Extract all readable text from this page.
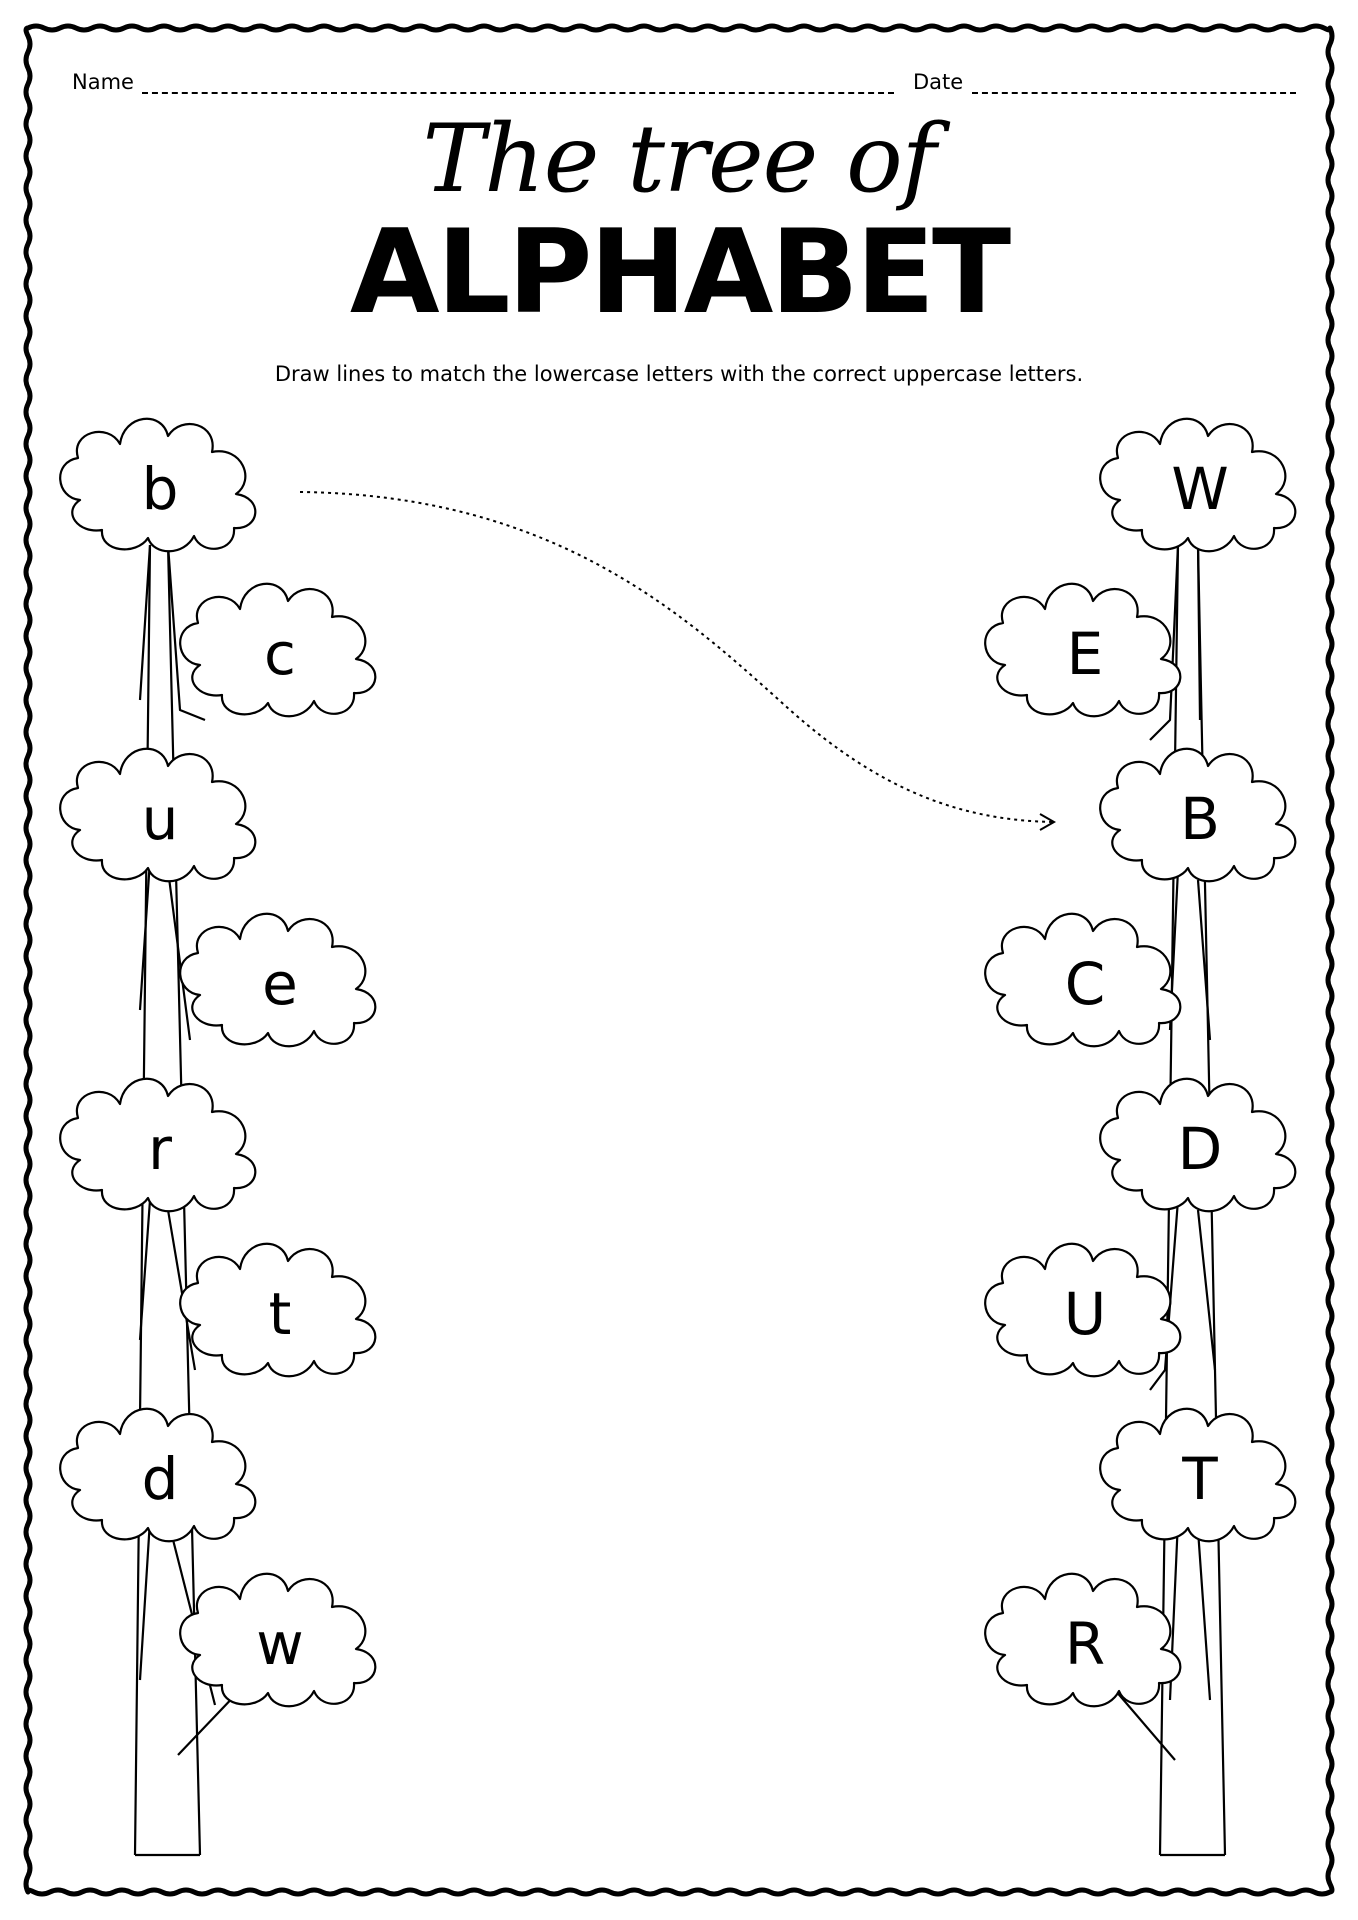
Name	Date
The tree of
ALPHABET
Draw lines to match the lowercase letters with the correct uppercase letters.
b
c
u
e
r
t
d
w
W
E
B
C
D
U
T
R
